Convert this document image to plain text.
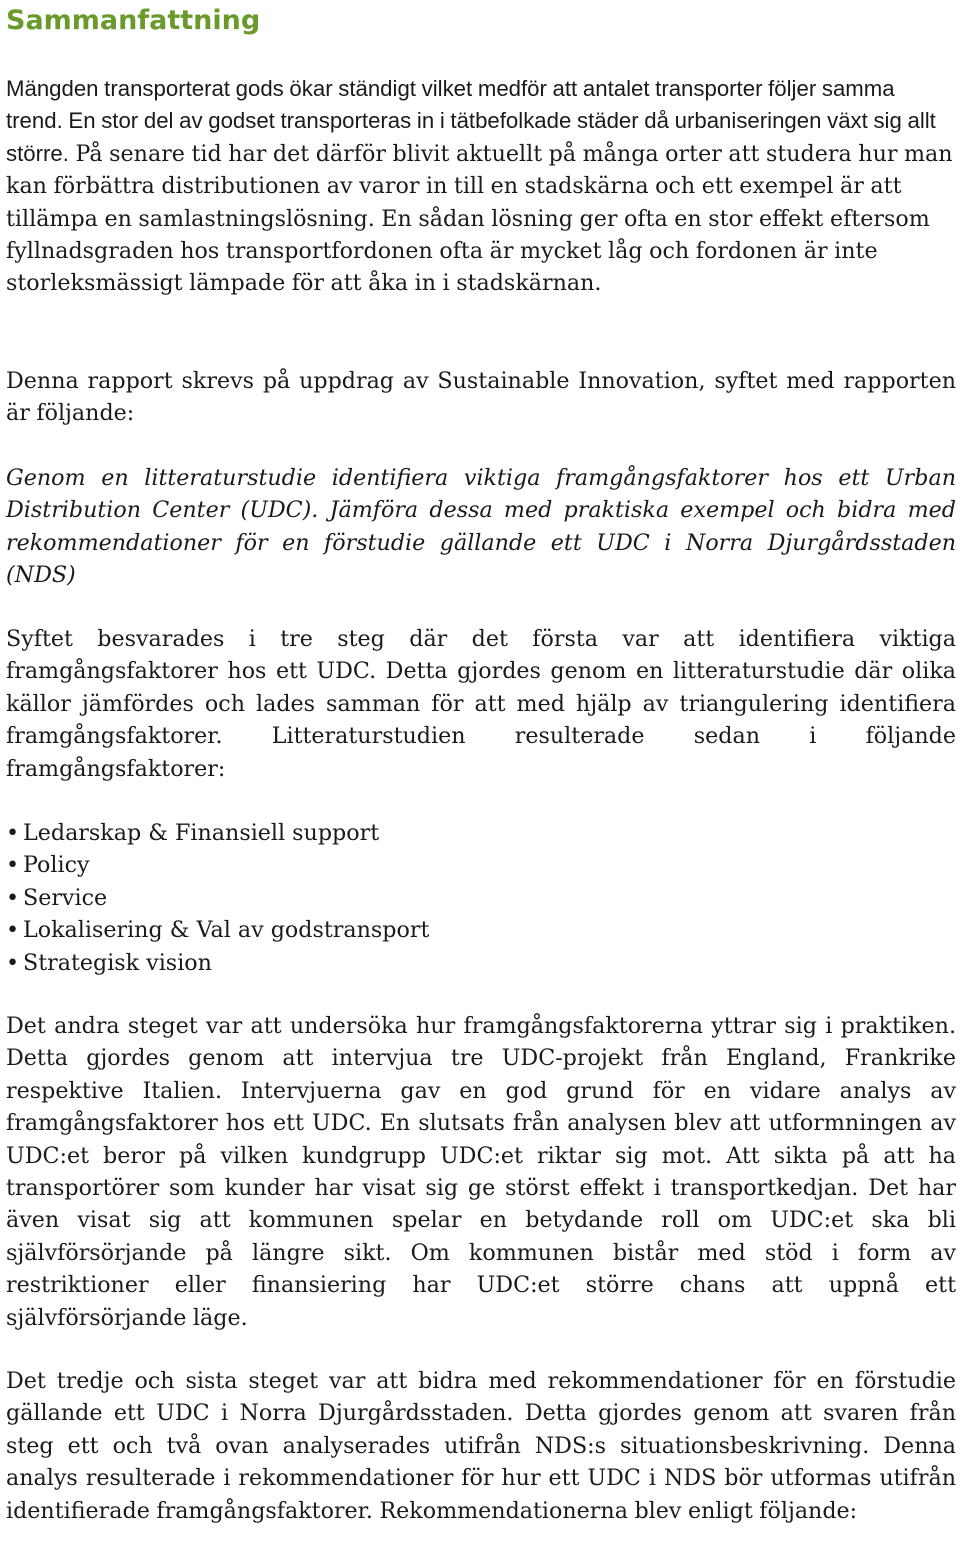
Sammanfattning

Mängden transporterat gods ökar ständigt vilket medför att antalet transporter följer samma trend. En stor del av godset transporteras in i tätbefolkade städer då urbaniseringen växt sig allt större. På senare tid har det därför blivit aktuellt på många orter att studera hur man kan förbättra distributionen av varor in till en stadskärna och ett exempel är att tillämpa en samlastningslösning. En sådan lösning ger ofta en stor effekt eftersom fyllnadsgraden hos transportfordonen ofta är mycket låg och fordonen är inte storleksmässigt lämpade för att åka in i stadskärnan.

Denna rapport skrevs på uppdrag av Sustainable Innovation, syftet med rapporten är följande:

Genom en litteraturstudie identifiera viktiga framgångsfaktorer hos ett Urban Distribution Center (UDC). Jämföra dessa med praktiska exempel och bidra med rekommendationer för en förstudie gällande ett UDC i Norra Djurgårdsstaden (NDS)

Syftet besvarades i tre steg där det första var att identifiera viktiga framgångsfaktorer hos ett UDC. Detta gjordes genom en litteraturstudie där olika källor jämfördes och lades samman för att med hjälp av triangulering identifiera framgångsfaktorer. Litteraturstudien resulterade sedan i följande framgångsfaktorer:

• Ledarskap & Finansiell support
• Policy
• Service
• Lokalisering & Val av godstransport
• Strategisk vision

Det andra steget var att undersöka hur framgångsfaktorerna yttrar sig i praktiken. Detta gjordes genom att intervjua tre UDC-projekt från England, Frankrike respektive Italien. Intervjuerna gav en god grund för en vidare analys av framgångsfaktorer hos ett UDC. En slutsats från analysen blev att utformningen av UDC:et beror på vilken kundgrupp UDC:et riktar sig mot. Att sikta på att ha transportörer som kunder har visat sig ge störst effekt i transportkedjan. Det har även visat sig att kommunen spelar en betydande roll om UDC:et ska bli självförsörjande på längre sikt. Om kommunen bistår med stöd i form av restriktioner eller finansiering har UDC:et större chans att uppnå ett självförsörjande läge.

Det tredje och sista steget var att bidra med rekommendationer för en förstudie gällande ett UDC i Norra Djurgårdsstaden. Detta gjordes genom att svaren från steg ett och två ovan analyserades utifrån NDS:s situationsbeskrivning. Denna analys resulterade i rekommendationer för hur ett UDC i NDS bör utformas utifrån identifierade framgångsfaktorer. Rekommendationerna blev enligt följande:
